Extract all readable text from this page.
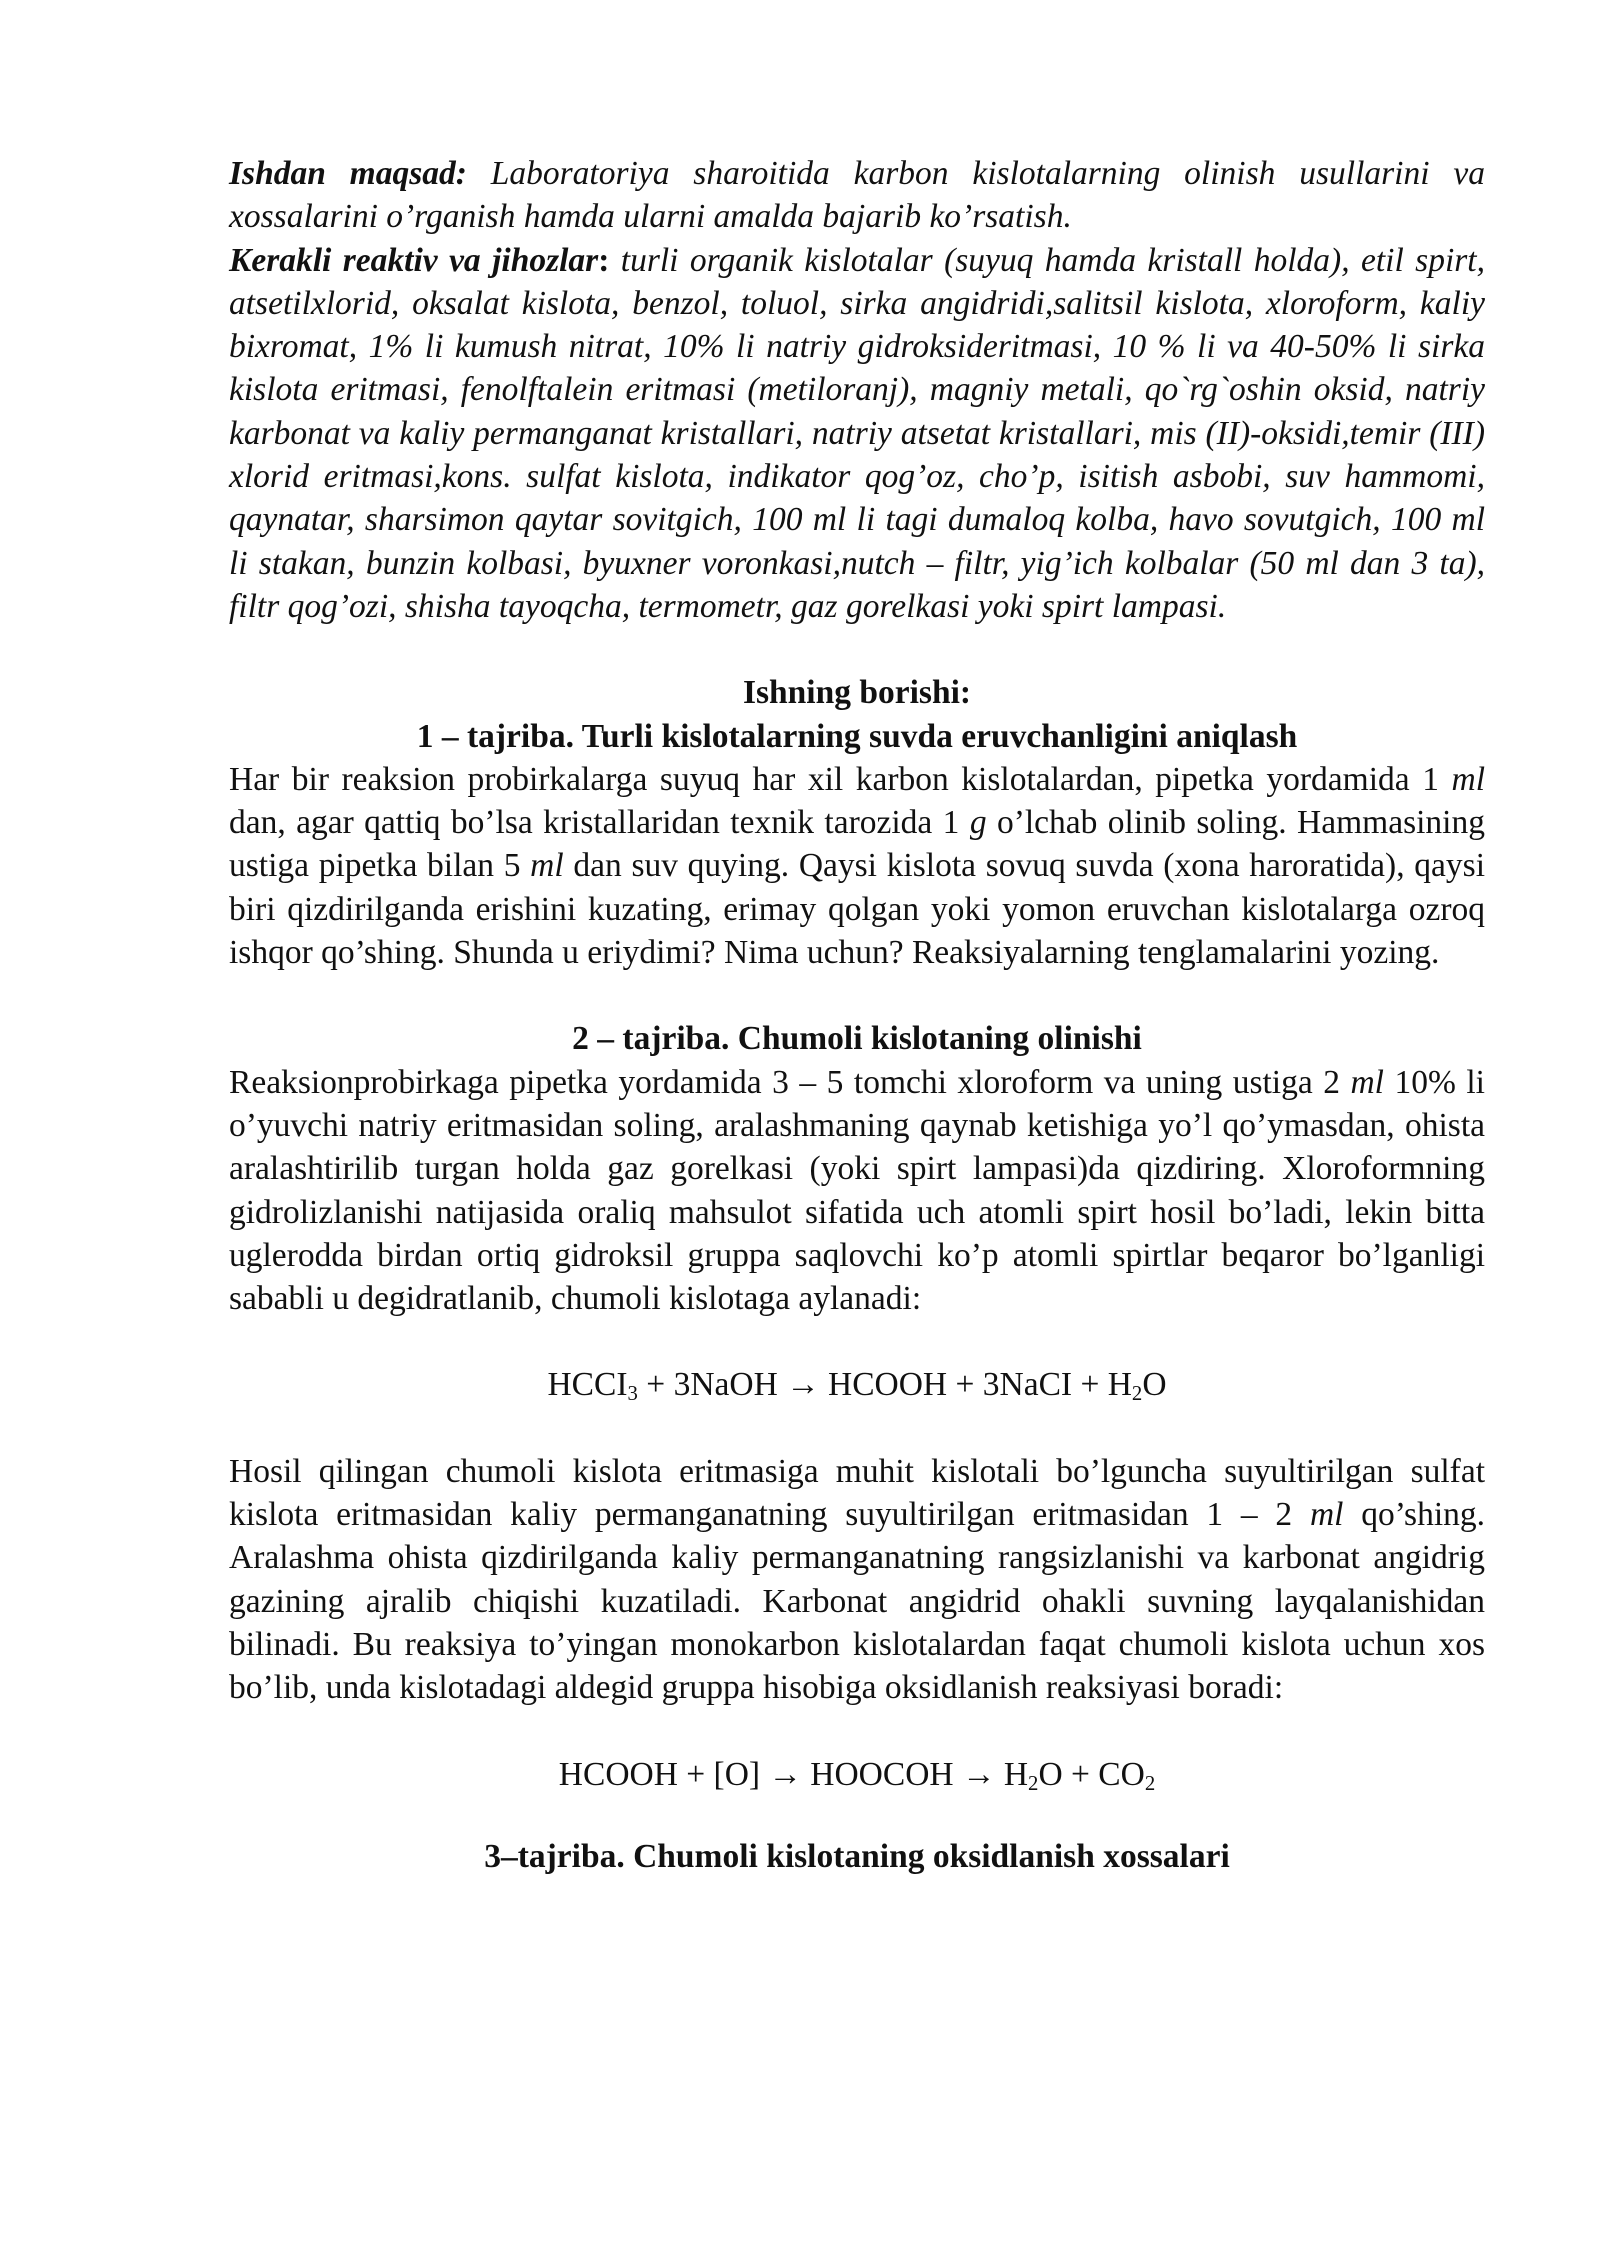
Ishdan maqsad: Laboratoriya sharoitida karbon kislotalarning olinish usullarini va xossalarini o’rganish hamda ularni amalda bajarib ko’rsatish.

Kerakli reaktiv va jihozlar: turli organik kislotalar (suyuq hamda kristall holda), etil spirt, atsetilxlorid, oksalat kislota, benzol, toluol, sirka angidridi,salitsil kislota, xloroform, kaliy bixromat, 1% li kumush nitrat, 10% li natriy gidroksideritmasi, 10 % li va 40-50% li sirka kislota eritmasi, fenolftalein eritmasi (metiloranj), magniy metali, qo`rg`oshin oksid, natriy karbonat va kaliy permanganat kristallari, natriy atsetat kristallari, mis (II)-oksidi,temir (III) xlorid eritmasi,kons. sulfat kislota, indikator qog’oz, cho’p, isitish asbobi, suv hammomi, qaynatar, sharsimon qaytar sovitgich, 100 ml li tagi dumaloq kolba, havo sovutgich, 100 ml li stakan, bunzin kolbasi, byuxner voronkasi,nutch – filtr, yig’ich kolbalar (50 ml dan 3 ta), filtr qog’ozi, shisha tayoqcha, termometr, gaz gorelkasi yoki spirt lampasi.

Ishning borishi:

1 – tajriba. Turli kislotalarning suvda eruvchanligini aniqlash

Har bir reaksion probirkalarga suyuq har xil karbon kislotalardan, pipetka yordamida 1 ml dan, agar qattiq bo’lsa kristallaridan texnik tarozida 1 g o’lchab olinib soling. Hammasining ustiga pipetka bilan 5 ml dan suv quying. Qaysi kislota sovuq suvda (xona haroratida), qaysi biri qizdirilganda erishini kuzating, erimay qolgan yoki yomon eruvchan kislotalarga ozroq ishqor qo’shing. Shunda u eriydimi? Nima uchun? Reaksiyalarning tenglamalarini yozing.

2 – tajriba. Chumoli kislotaning olinishi

Reaksionprobirkaga pipetka yordamida 3 – 5 tomchi xloroform va uning ustiga 2 ml 10% li o’yuvchi natriy eritmasidan soling, aralashmaning qaynab ketishiga yo’l qo’ymasdan, ohista aralashtirilib turgan holda gaz gorelkasi (yoki spirt lampasi)da qizdiring. Xloroformning gidrolizlanishi natijasida oraliq mahsulot sifatida uch atomli spirt hosil bo’ladi, lekin bitta uglerodda birdan ortiq gidroksil gruppa saqlovchi ko’p atomli spirtlar beqaror bo’lganligi sababli u degidratlanib, chumoli kislotaga aylanadi:

$HCCI_3$ + 3NaOH → HCOOH + 3NaCI + $H_2O$

Hosil qilingan chumoli kislota eritmasiga muhit kislotali bo’lguncha suyultirilgan sulfat kislota eritmasidan kaliy permanganatning suyultirilgan eritmasidan 1 – 2 ml qo’shing. Aralashma ohista qizdirilganda kaliy permanganatning rangsizlanishi va karbonat angidrig gazining ajralib chiqishi kuzatiladi. Karbonat angidrid ohakli suvning layqalanishidan bilinadi. Bu reaksiya to’yingan monokarbon kislotalardan faqat chumoli kislota uchun xos bo’lib, unda kislotadagi aldegid gruppa hisobiga oksidlanish reaksiyasi boradi:

HCOOH + [O] → HOOCOH → $H_2O + CO_2$

3–tajriba. Chumoli kislotaning oksidlanish xossalari
